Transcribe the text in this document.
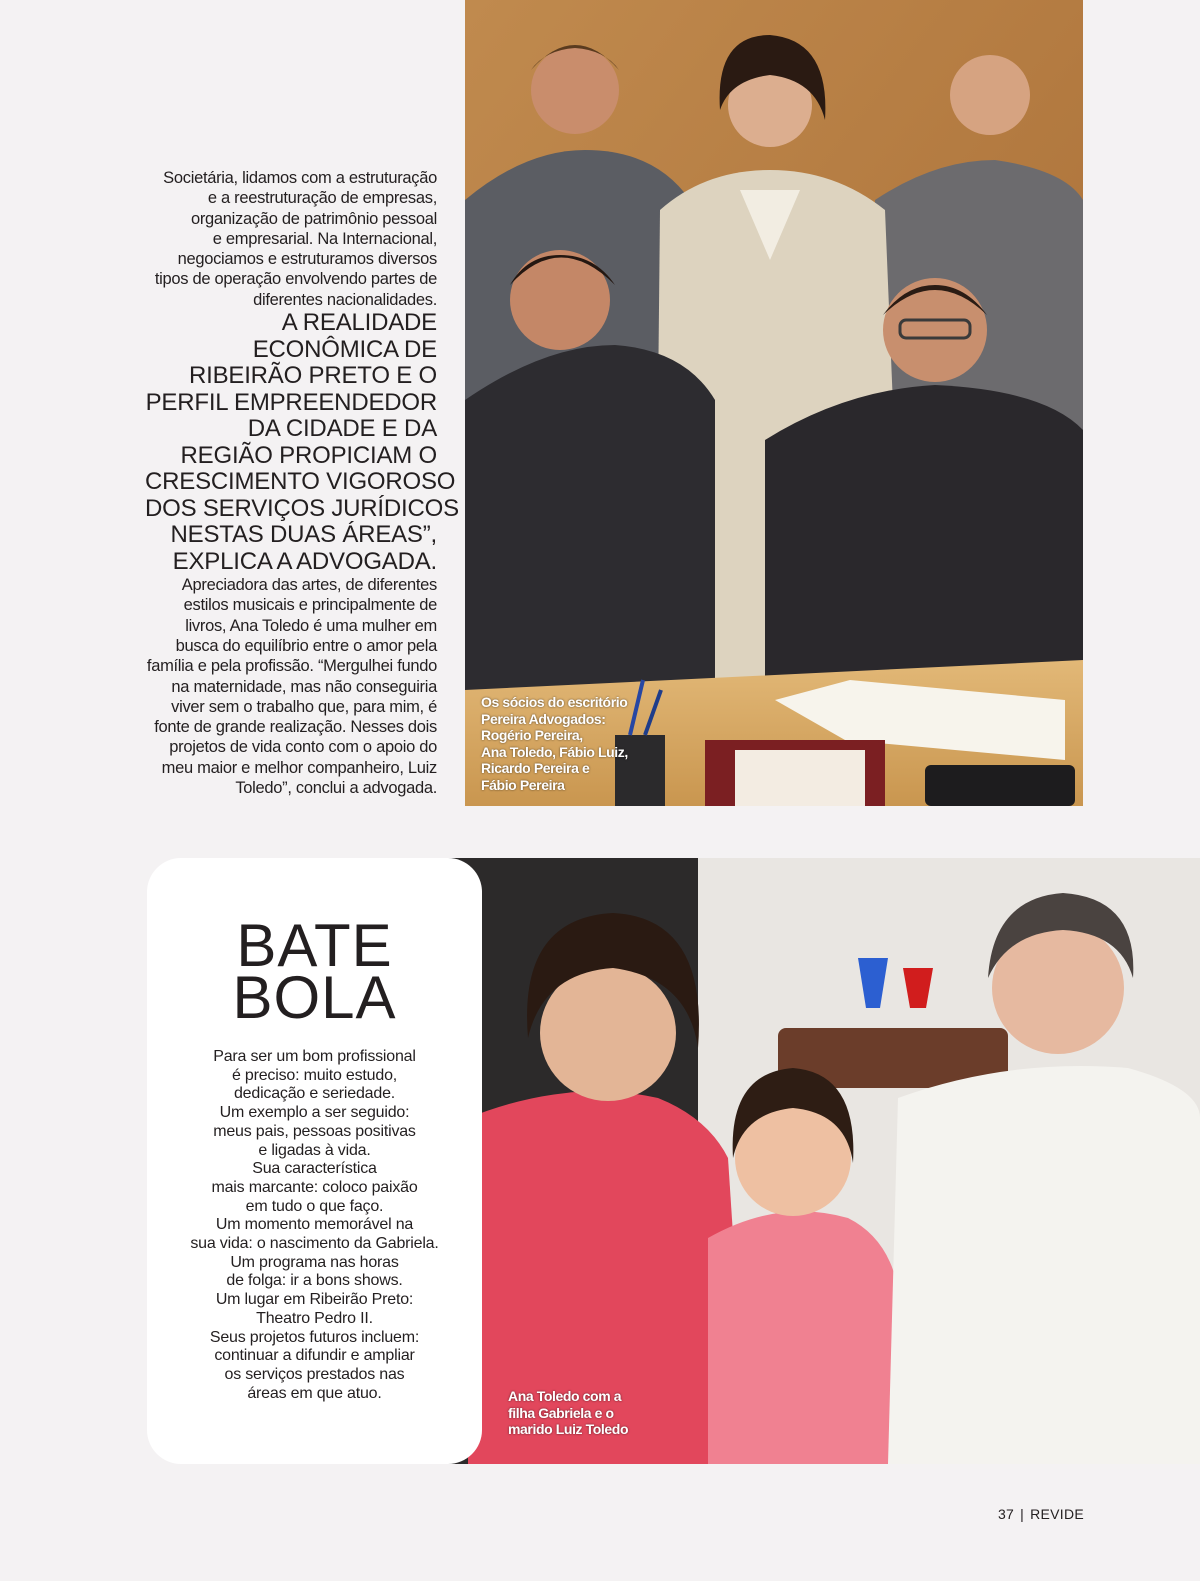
Societária, lidamos com a estruturação
e a reestruturação de empresas,
organização de patrimônio pessoal
e empresarial. Na Internacional,
negociamos e estruturamos diversos
tipos de operação envolvendo partes de
diferentes nacionalidades.
A REALIDADE
ECONÔMICA DE
RIBEIRÃO PRETO E O
PERFIL EMPREENDEDOR
DA CIDADE E DA
REGIÃO PROPICIAM O
CRESCIMENTO VIGOROSO
DOS SERVIÇOS JURÍDICOS
NESTAS DUAS ÁREAS”,
EXPLICA A ADVOGADA.
Apreciadora das artes, de diferentes
estilos musicais e principalmente de
livros, Ana Toledo é uma mulher em
busca do equilíbrio entre o amor pela
família e pela profissão. “Mergulhei fundo
na maternidade, mas não conseguiria
viver sem o trabalho que, para mim, é
fonte de grande realização. Nesses dois
projetos de vida conto com o apoio do
meu maior e melhor companheiro, Luiz
Toledo”, conclui a advogada.
Os sócios do escritório
Pereira Advogados:
Rogério Pereira,
Ana Toledo, Fábio Luiz,
Ricardo Pereira e
Fábio Pereira
Ana Toledo com a
filha Gabriela e o
marido Luiz Toledo
BATE
BOLA
Para ser um bom profissional
é preciso: muito estudo,
dedicação e seriedade.
Um exemplo a ser seguido:
meus pais, pessoas positivas
e ligadas à vida.
Sua característica
mais marcante: coloco paixão
em tudo o que faço.
Um momento memorável na
sua vida: o nascimento da Gabriela.
Um programa nas horas
de folga: ir a bons shows.
Um lugar em Ribeirão Preto:
Theatro Pedro II.
Seus projetos futuros incluem:
continuar a difundir e ampliar
os serviços prestados nas
áreas em que atuo.
37 | REVIDE
